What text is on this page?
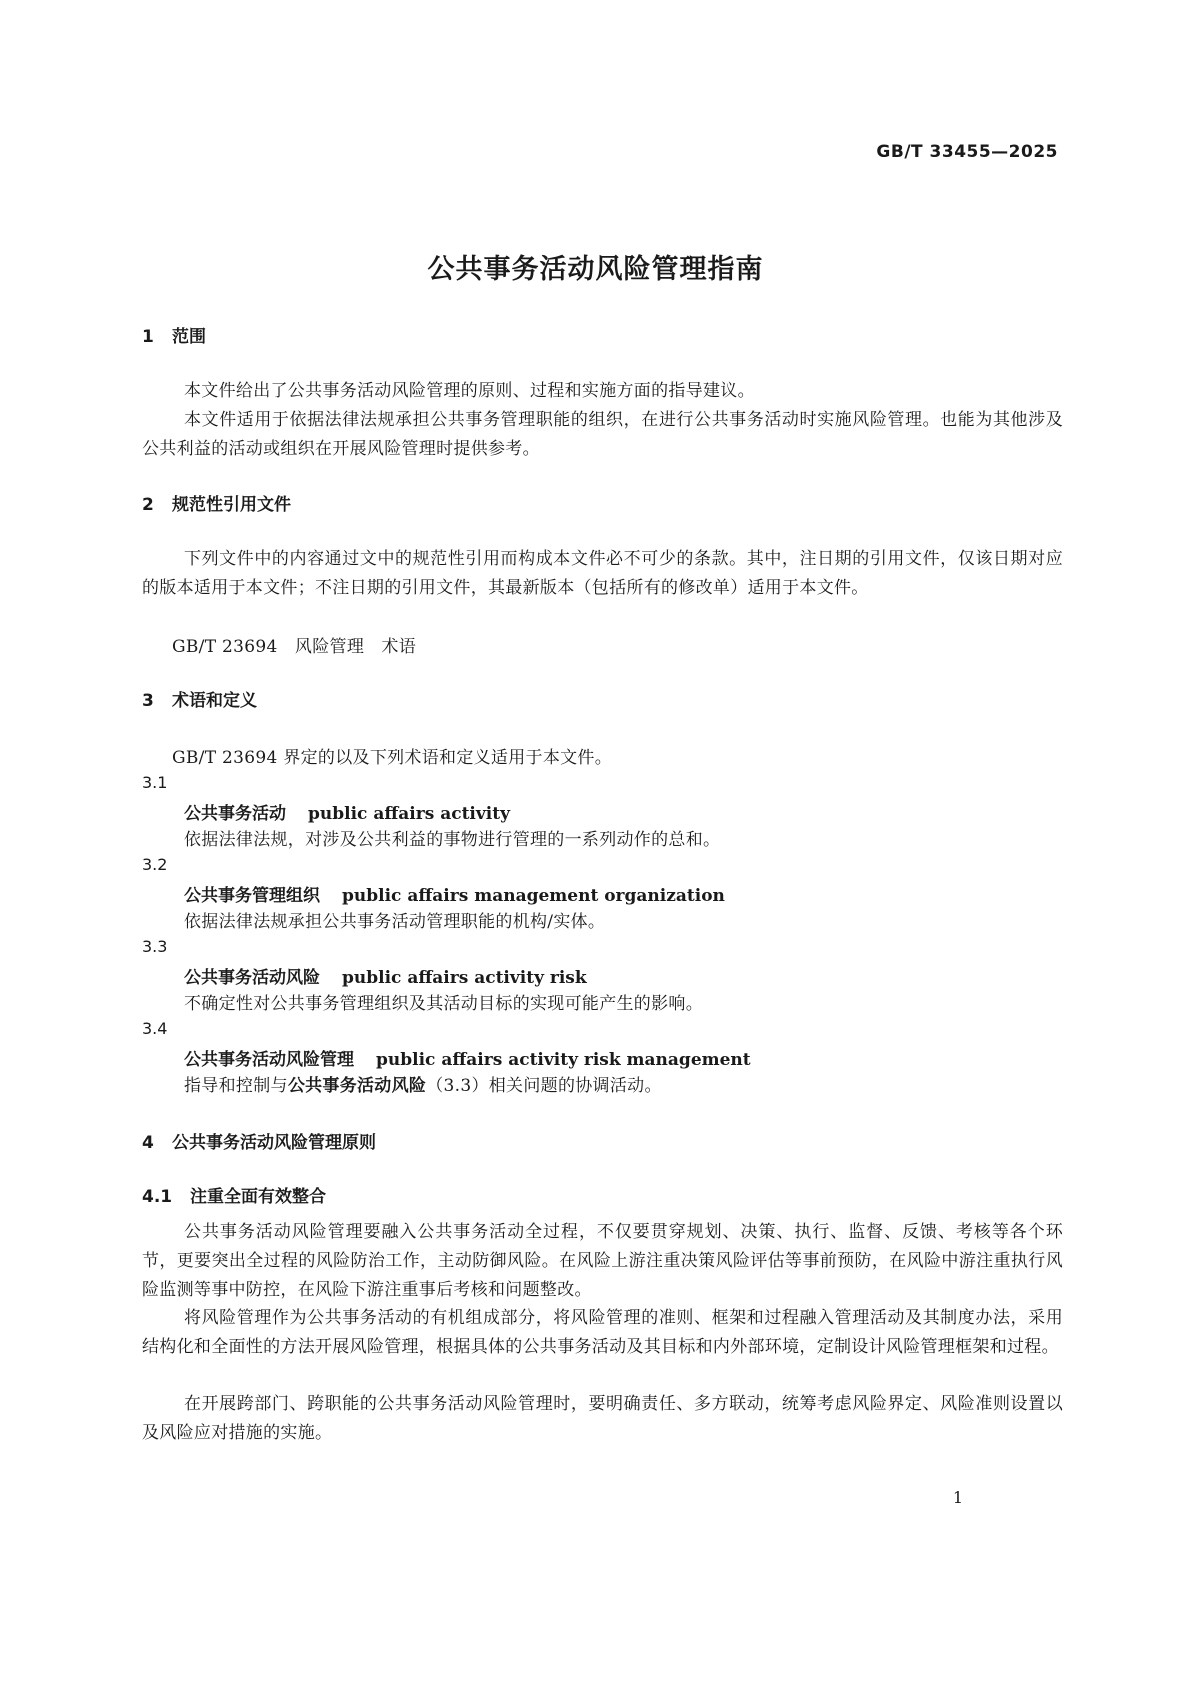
GB/T 33455—2025
公共事务活动风险管理指南
1 范围
本文件给出了公共事务活动风险管理的原则、过程和实施方面的指导建议。
本文件适用于依据法律法规承担公共事务管理职能的组织，在进行公共事务活动时实施风险管理。也能为其他涉及公共利益的活动或组织在开展风险管理时提供参考。
2 规范性引用文件
下列文件中的内容通过文中的规范性引用而构成本文件必不可少的条款。其中，注日期的引用文件，仅该日期对应的版本适用于本文件；不注日期的引用文件，其最新版本（包括所有的修改单）适用于本文件。
GB/T 23694　风险管理　术语
3 术语和定义
GB/T 23694 界定的以及下列术语和定义适用于本文件。
3.1
公共事务活动 public affairs activity
依据法律法规，对涉及公共利益的事物进行管理的一系列动作的总和。
3.2
公共事务管理组织 public affairs management organization
依据法律法规承担公共事务活动管理职能的机构/实体。
3.3
公共事务活动风险 public affairs activity risk
不确定性对公共事务管理组织及其活动目标的实现可能产生的影响。
3.4
公共事务活动风险管理 public affairs activity risk management
指导和控制与公共事务活动风险（3.3）相关问题的协调活动。
4 公共事务活动风险管理原则
4.1 注重全面有效整合
公共事务活动风险管理要融入公共事务活动全过程，不仅要贯穿规划、决策、执行、监督、反馈、考核等各个环节，更要突出全过程的风险防治工作，主动防御风险。在风险上游注重决策风险评估等事前预防，在风险中游注重执行风险监测等事中防控，在风险下游注重事后考核和问题整改。
将风险管理作为公共事务活动的有机组成部分，将风险管理的准则、框架和过程融入管理活动及其制度办法，采用结构化和全面性的方法开展风险管理，根据具体的公共事务活动及其目标和内外部环境，定制设计风险管理框架和过程。
在开展跨部门、跨职能的公共事务活动风险管理时，要明确责任、多方联动，统筹考虑风险界定、风险准则设置以及风险应对措施的实施。
1
